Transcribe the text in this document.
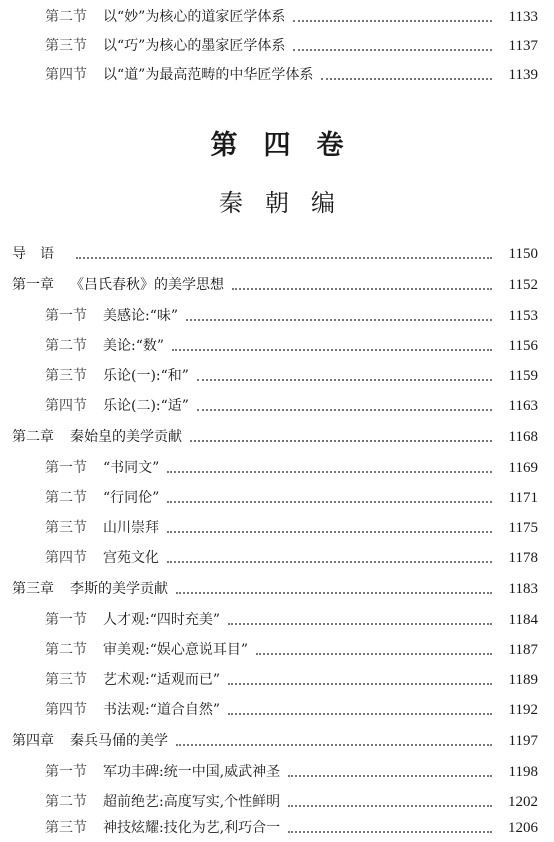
第二节 以“妙”为核心的道家匠学体系	1133
第三节 以“巧”为核心的墨家匠学体系	1137
第四节 以“道”为最高范畴的中华匠学体系	1139
第四卷
秦朝编
导语	1150
第一章 《吕氏春秋》的美学思想	1152
第一节 美感论:“味”	1153
第二节 美论:“数”	1156
第三节 乐论(一):“和”	1159
第四节 乐论(二):“适”	1163
第二章 秦始皇的美学贡献	1168
第一节 “书同文”	1169
第二节 “行同伦”	1171
第三节 山川崇拜	1175
第四节 宫苑文化	1178
第三章 李斯的美学贡献	1183
第一节 人才观:“四时充美”	1184
第二节 审美观:“娱心意说耳目”	1187
第三节 艺术观:“适观而已”	1189
第四节 书法观:“道合自然”	1192
第四章 秦兵马俑的美学	1197
第一节 军功丰碑:统一中国,威武神圣	1198
第二节 超前绝艺:高度写实,个性鲜明	1202
第三节 神技炫耀:技化为艺,利巧合一	1206
